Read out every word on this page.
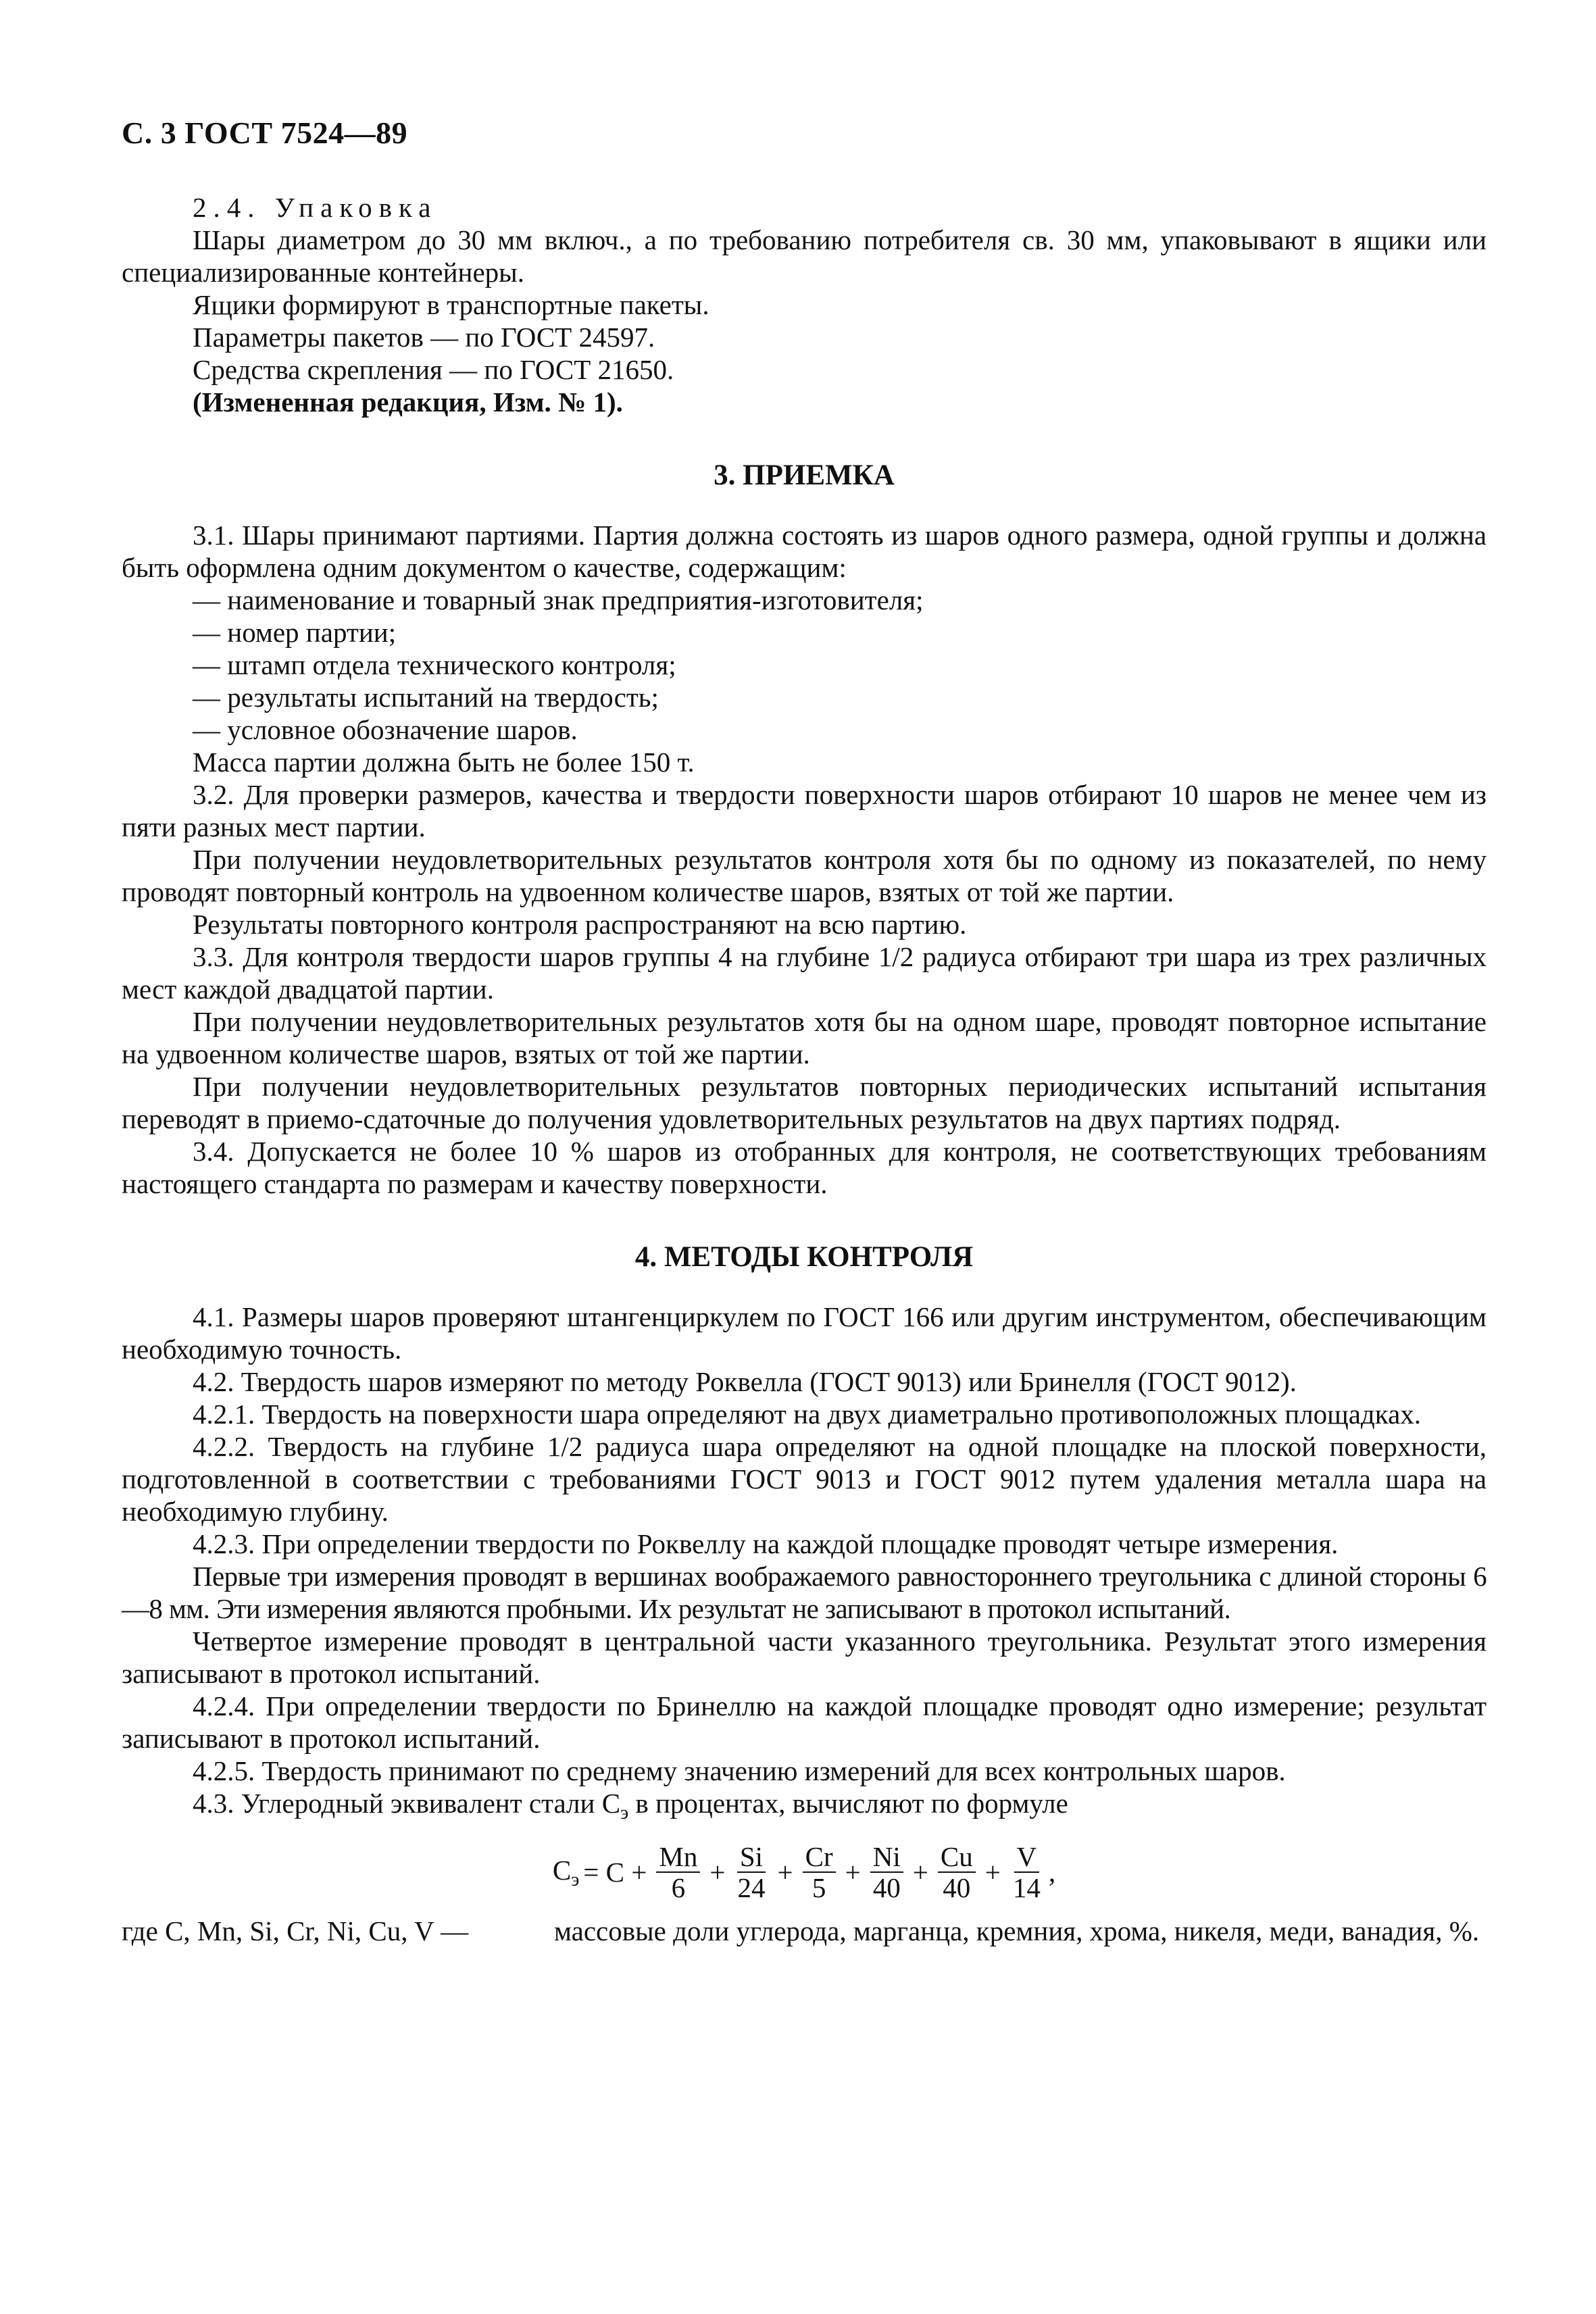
С. 3 ГОСТ 7524—89

2.4. Упаковка

Шары диаметром до 30 мм включ., а по требованию потребителя св. 30 мм, упаковывают в ящики или специализированные контейнеры.

Ящики формируют в транспортные пакеты.

Параметры пакетов — по ГОСТ 24597.

Средства скрепления — по ГОСТ 21650.

(Измененная редакция, Изм. № 1).

3. ПРИЕМКА

3.1. Шары принимают партиями. Партия должна состоять из шаров одного размера, одной группы и должна быть оформлена одним документом о качестве, содержащим:

— наименование и товарный знак предприятия-изготовителя;

— номер партии;

— штамп отдела технического контроля;

— результаты испытаний на твердость;

— условное обозначение шаров.

Масса партии должна быть не более 150 т.

3.2. Для проверки размеров, качества и твердости поверхности шаров отбирают 10 шаров не менее чем из пяти разных мест партии.

При получении неудовлетворительных результатов контроля хотя бы по одному из показателей, по нему проводят повторный контроль на удвоенном количестве шаров, взятых от той же партии.

Результаты повторного контроля распространяют на всю партию.

3.3. Для контроля твердости шаров группы 4 на глубине 1/2 радиуса отбирают три шара из трех различных мест каждой двадцатой партии.

При получении неудовлетворительных результатов хотя бы на одном шаре, проводят повторное испытание на удвоенном количестве шаров, взятых от той же партии.

При получении неудовлетворительных результатов повторных периодических испытаний испытания переводят в приемо-сдаточные до получения удовлетворительных результатов на двух партиях подряд.

3.4. Допускается не более 10 % шаров из отобранных для контроля, не соответствующих требованиям настоящего стандарта по размерам и качеству поверхности.

4. МЕТОДЫ КОНТРОЛЯ

4.1. Размеры шаров проверяют штангенциркулем по ГОСТ 166 или другим инструментом, обеспечивающим необходимую точность.

4.2. Твердость шаров измеряют по методу Роквелла (ГОСТ 9013) или Бринелля (ГОСТ 9012).

4.2.1. Твердость на поверхности шара определяют на двух диаметрально противоположных площадках.

4.2.2. Твердость на глубине 1/2 радиуса шара определяют на одной площадке на плоской поверхности, подготовленной в соответствии с требованиями ГОСТ 9013 и ГОСТ 9012 путем удаления металла шара на необходимую глубину.

4.2.3. При определении твердости по Роквеллу на каждой площадке проводят четыре измерения.

Первые три измерения проводят в вершинах воображаемого равностороннего треугольника с длиной стороны 6—8 мм. Эти измерения являются пробными. Их результат не записывают в протокол испытаний.

Четвертое измерение проводят в центральной части указанного треугольника. Результат этого измерения записывают в протокол испытаний.

4.2.4. При определении твердости по Бринеллю на каждой площадке проводят одно измерение; результат записывают в протокол испытаний.

4.2.5. Твердость принимают по среднему значению измерений для всех контрольных шаров.

4.3. Углеродный эквивалент стали $С_э$ в процентах, вычисляют по формуле

$С_э = С + \frac{Mn}{6} + \frac{Si}{24} + \frac{Cr}{5} + \frac{Ni}{40} + \frac{Cu}{40} + \frac{V}{14}$ ,
где С, Mn, Si, Cr, Ni, Cu, V —	массовые доли углерода, марганца, кремния, хрома, никеля, меди, ванадия, %.
